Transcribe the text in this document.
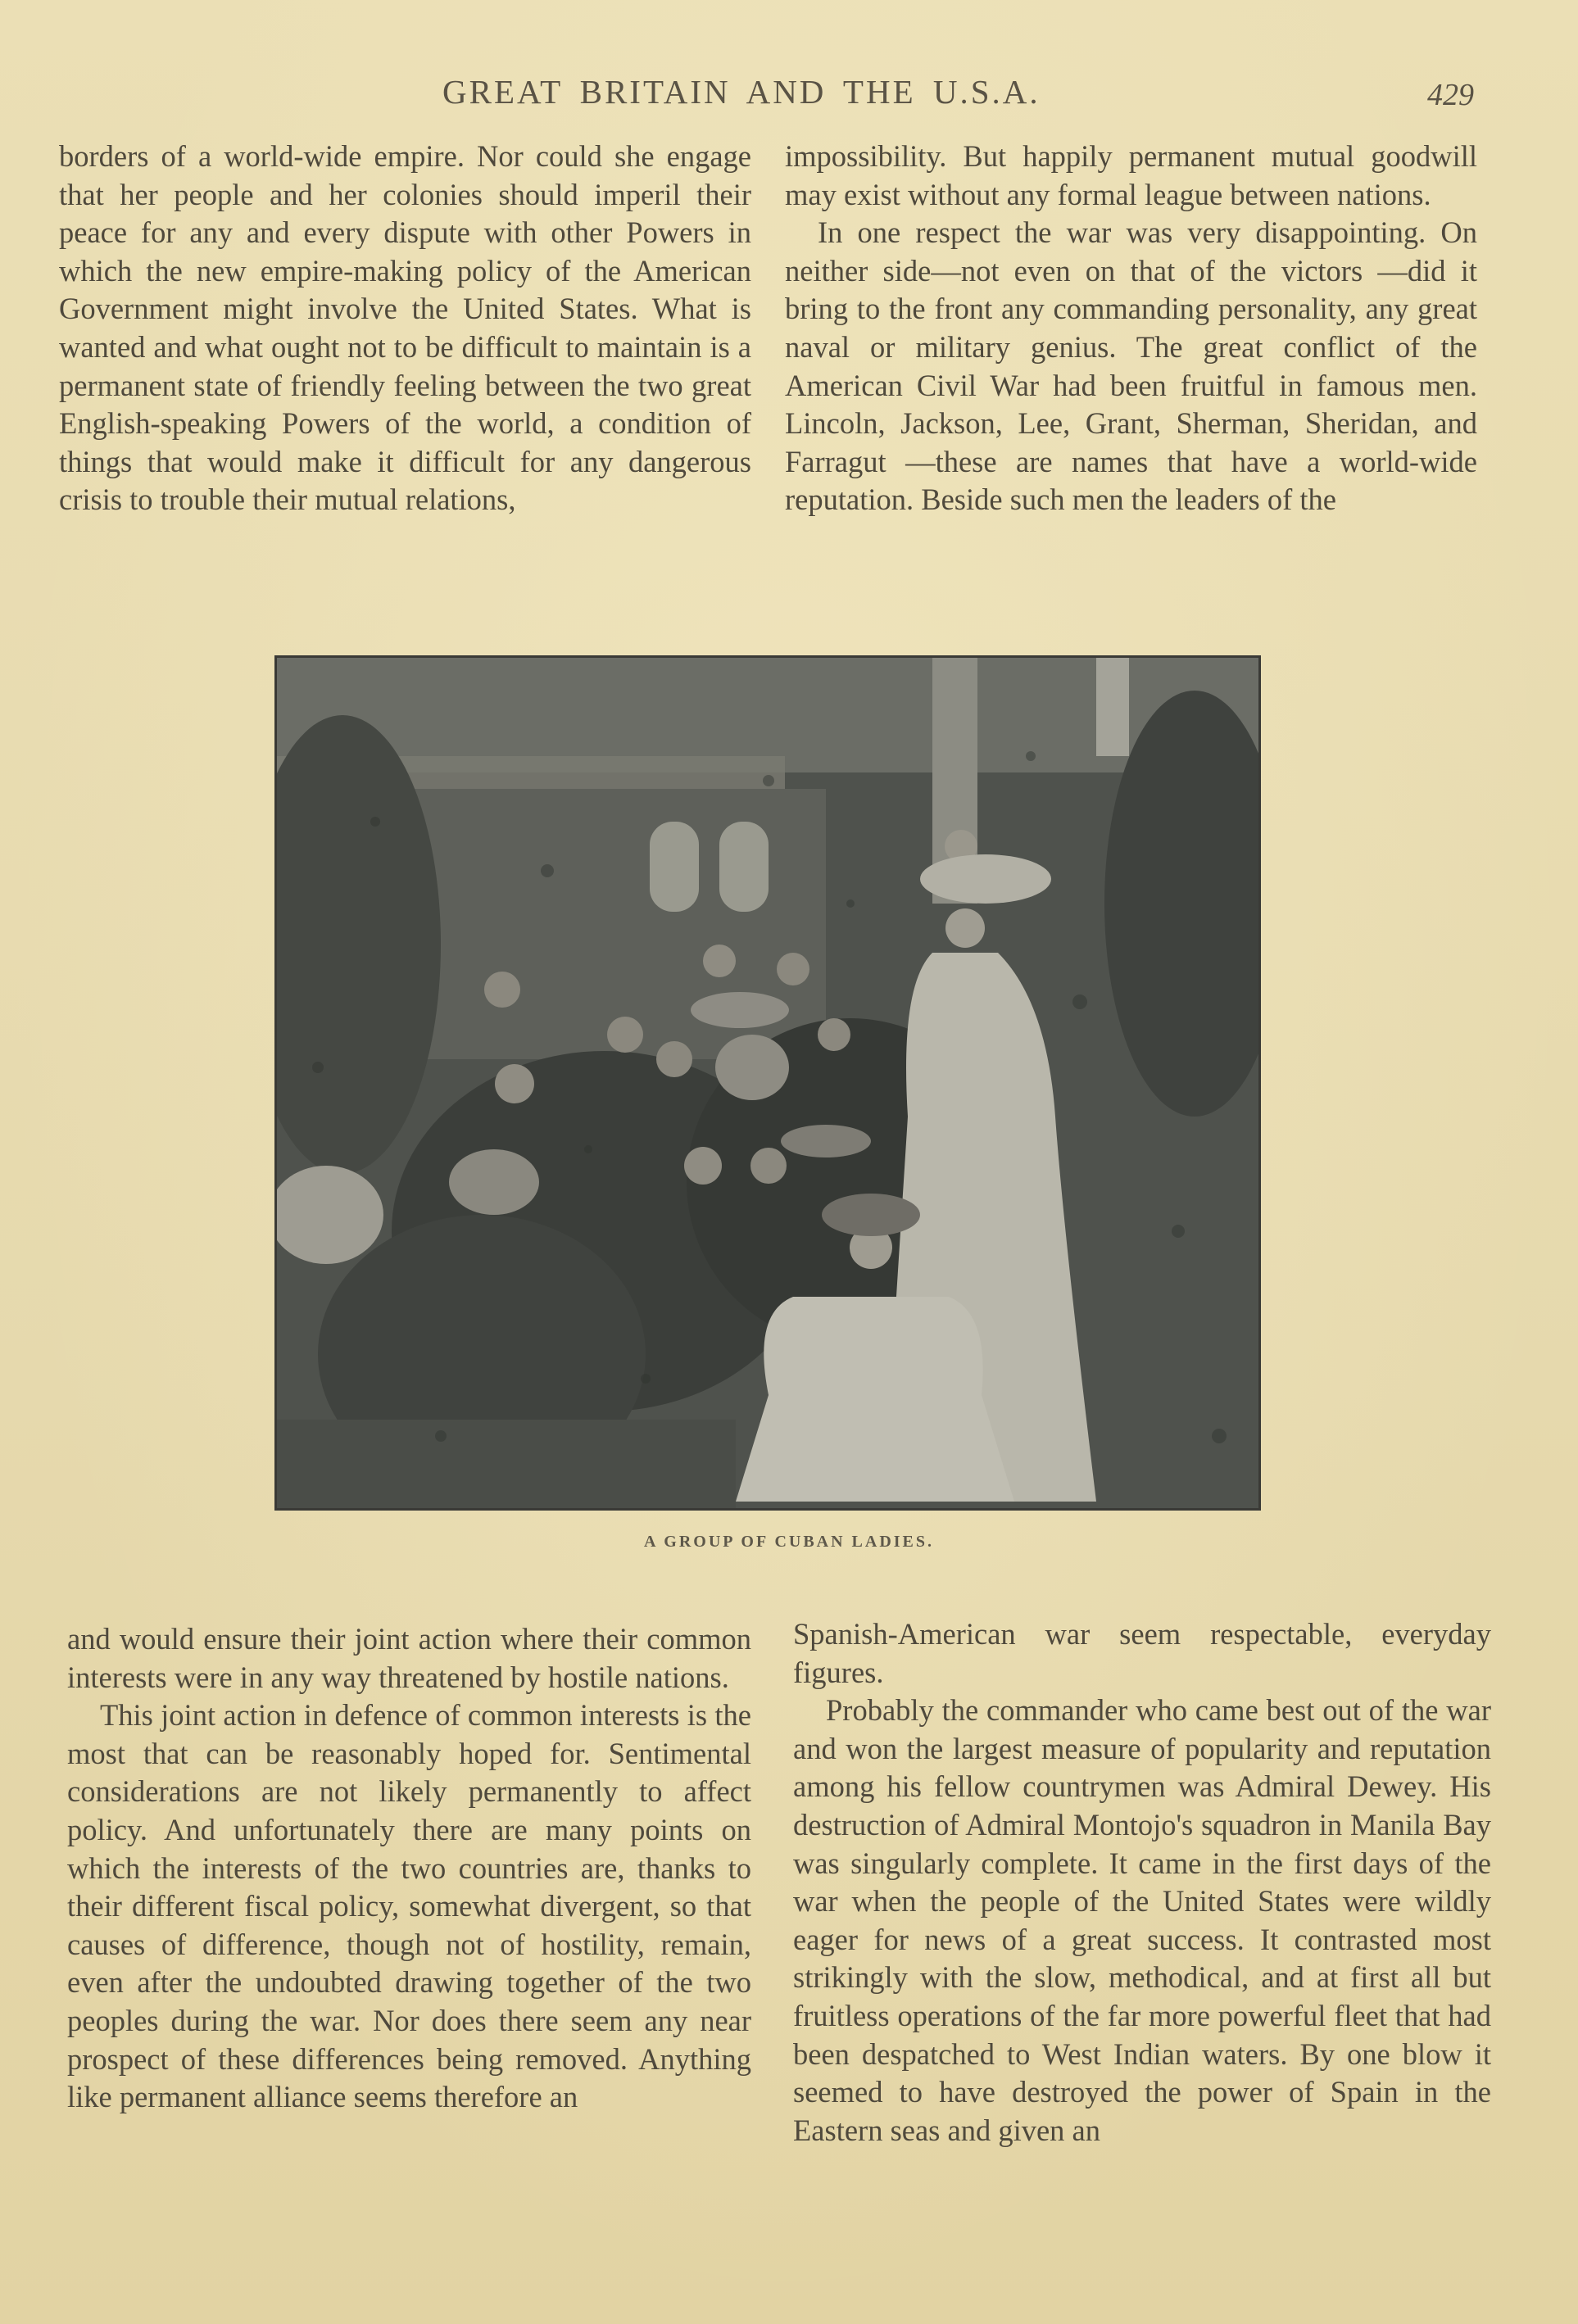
GREAT BRITAIN AND THE U.S.A.	429

borders of a world-wide empire. Nor could she engage that her people and her colonies should imperil their peace for any and every dispute with other Powers in which the new empire-making policy of the American Government might involve the United States. What is wanted and what ought not to be difficult to maintain is a permanent state of friendly feeling between the two great English-speaking Powers of the world, a condition of things that would make it difficult for any dangerous crisis to trouble their mutual relations,

impossibility. But happily permanent mutual goodwill may exist without any formal league between nations.

In one respect the war was very disappointing. On neither side—not even on that of the victors —did it bring to the front any commanding personality, any great naval or military genius. The great conflict of the American Civil War had been fruitful in famous men. Lincoln, Jackson, Lee, Grant, Sherman, Sheridan, and Farragut —these are names that have a world-wide reputation. Beside such men the leaders of the

A GROUP OF CUBAN LADIES.

and would ensure their joint action where their common interests were in any way threatened by hostile nations.

This joint action in defence of common interests is the most that can be reasonably hoped for. Sentimental considerations are not likely permanently to affect policy. And unfortunately there are many points on which the interests of the two countries are, thanks to their different fiscal policy, somewhat divergent, so that causes of difference, though not of hostility, remain, even after the undoubted drawing together of the two peoples during the war. Nor does there seem any near prospect of these differences being removed. Anything like permanent alliance seems therefore an

Spanish-American war seem respectable, everyday figures.

Probably the commander who came best out of the war and won the largest measure of popularity and reputation among his fellow countrymen was Admiral Dewey. His destruction of Admiral Montojo's squadron in Manila Bay was singularly complete. It came in the first days of the war when the people of the United States were wildly eager for news of a great success. It contrasted most strikingly with the slow, methodical, and at first all but fruitless operations of the far more powerful fleet that had been despatched to West Indian waters. By one blow it seemed to have destroyed the power of Spain in the Eastern seas and given an
